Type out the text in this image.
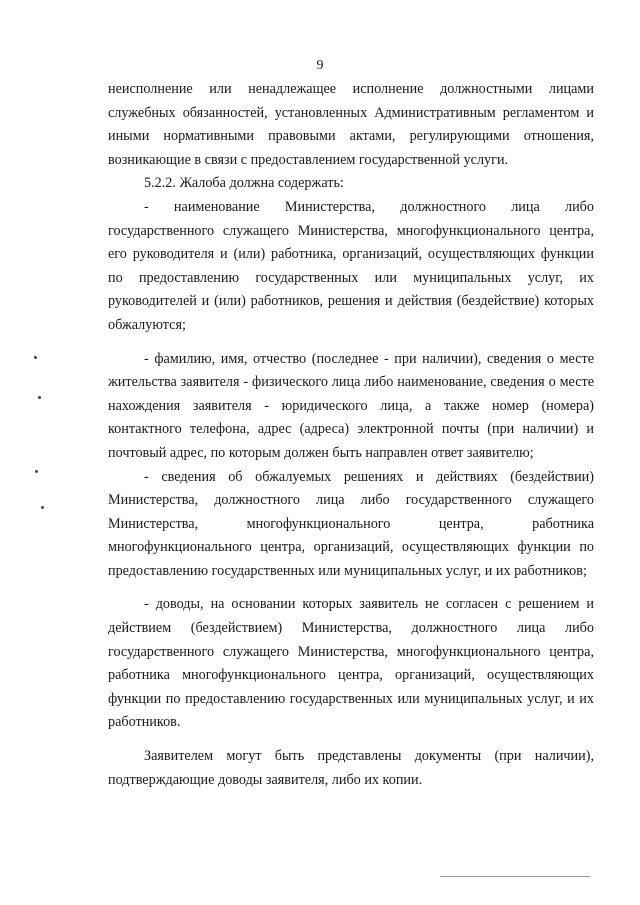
9

неисполнение или ненадлежащее исполнение должностными лицами служебных обязанностей, установленных Административным регламентом и иными нормативными правовыми актами, регулирующими отношения, возникающие в связи с предоставлением государственной услуги.

5.2.2. Жалоба должна содержать:

- наименование Министерства, должностного лица либо государственного служащего Министерства, многофункционального центра, его руководителя и (или) работника, организаций, осуществляющих функции по предоставлению государственных или муниципальных услуг, их руководителей и (или) работников, решения и действия (бездействие) которых обжалуются;

- фамилию, имя, отчество (последнее - при наличии), сведения о месте жительства заявителя - физического лица либо наименование, сведения о месте нахождения заявителя - юридического лица, а также номер (номера) контактного телефона, адрес (адреса) электронной почты (при наличии) и почтовый адрес, по которым должен быть направлен ответ заявителю;

- сведения об обжалуемых решениях и действиях (бездействии) Министерства, должностного лица либо государственного служащего Министерства, многофункционального центра, работника многофункционального центра, организаций, осуществляющих функции по предоставлению государственных или муниципальных услуг, и их работников;

- доводы, на основании которых заявитель не согласен с решением и действием (бездействием) Министерства, должностного лица либо государственного служащего Министерства, многофункционального центра, работника многофункционального центра, организаций, осуществляющих функции по предоставлению государственных или муниципальных услуг, и их работников.

Заявителем могут быть представлены документы (при наличии), подтверждающие доводы заявителя, либо их копии.
